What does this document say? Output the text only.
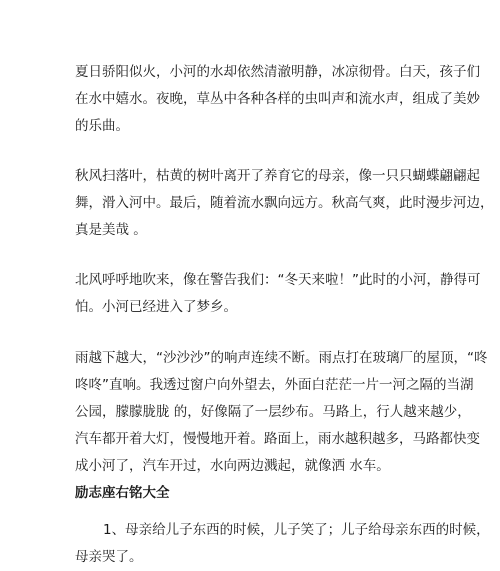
夏日骄阳似火，小河的水却依然清澈明静，冰凉彻骨。白天，孩子们
在水中嬉水。夜晚，草丛中各种各样的虫叫声和流水声，组成了美妙
的乐曲。

秋风扫落叶，枯黄的树叶离开了养育它的母亲，像一只只蝴蝶翩翩起
舞，滑入河中。最后，随着流水飘向远方。秋高气爽，此时漫步河边，
真是美哉 。

北风呼呼地吹来，像在警告我们：“冬天来啦！”此时的小河，静得可
怕。小河已经进入了梦乡。

雨越下越大，“沙沙沙”的响声连续不断。雨点打在玻璃厂的屋顶，“咚
咚咚”直响。我透过窗户向外望去，外面白茫茫一片一河之隔的当湖
公园，朦朦胧胧 的，好像隔了一层纱布。马路上，行人越来越少，
汽车都开着大灯，慢慢地开着。路面上，雨水越积越多，马路都快变
成小河了，汽车开过，水向两边溅起，就像洒 水车。

励志座右铭大全

1、母亲给儿子东西的时候，儿子笑了；儿子给母亲东西的时候，
母亲哭了。
